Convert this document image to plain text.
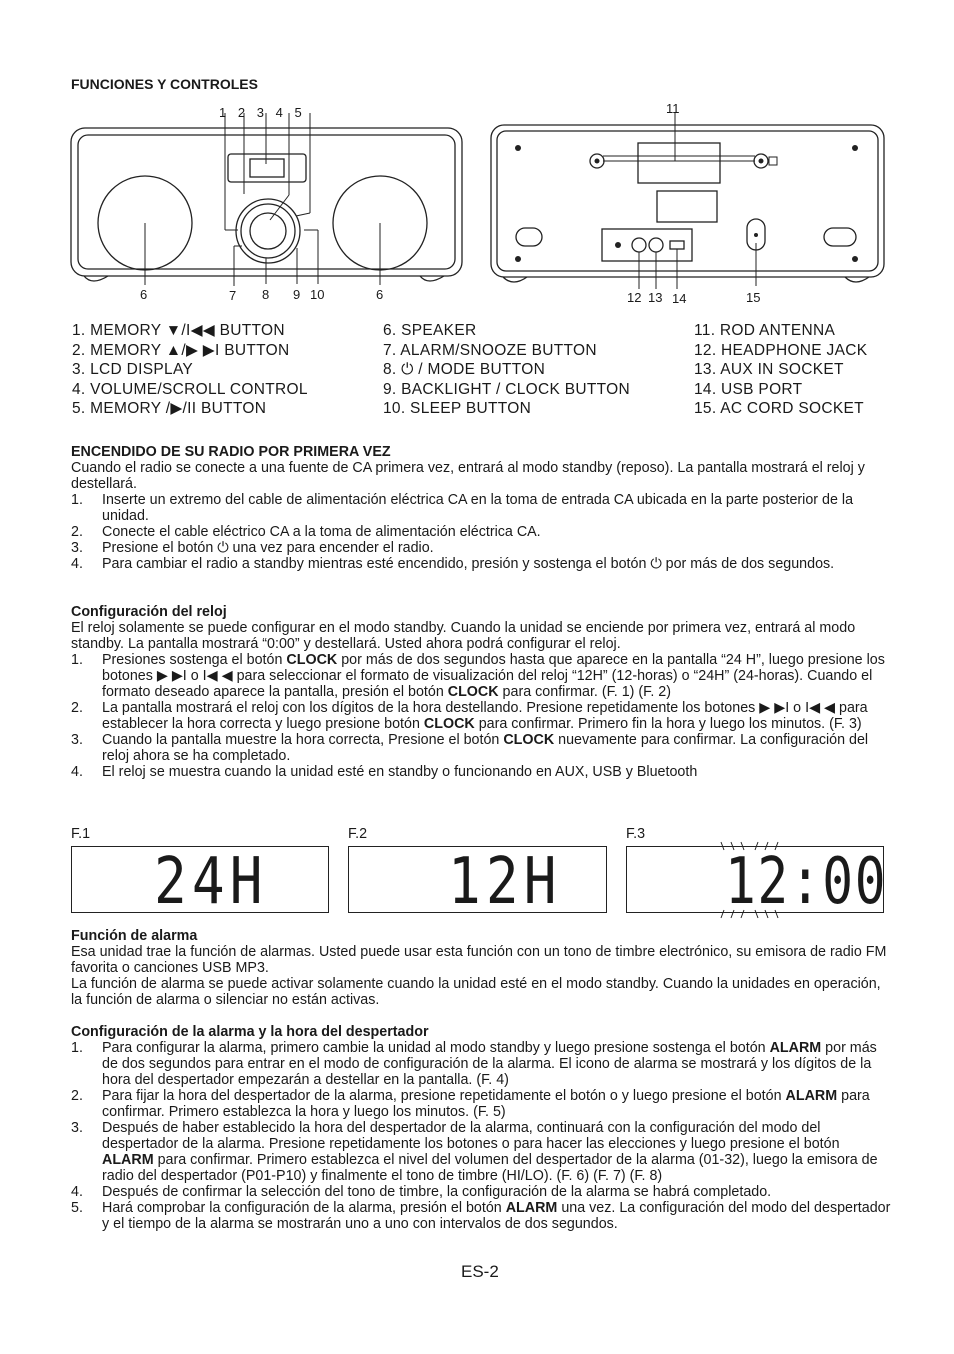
FUNCIONES Y CONTROLES
1 2 3 4 5
6	7 8 9 10	6
11
12 13 14	15
1. MEMORY ▼/I◀◀ BUTTON
2. MEMORY ▲/▶ ▶I BUTTON
3. LCD DISPLAY
4. VOLUME/SCROLL CONTROL
5. MEMORY /▶/II BUTTON
6. SPEAKER
7. ALARM/SNOOZE BUTTON
8. ⏻ / MODE BUTTON
9. BACKLIGHT / CLOCK BUTTON
10. SLEEP BUTTON
11. ROD ANTENNA
12. HEADPHONE JACK
13. AUX IN SOCKET
14. USB PORT
15. AC CORD SOCKET
ENCENDIDO DE SU RADIO POR PRIMERA VEZ
Cuando el radio se conecte a una fuente de CA primera vez, entrará al modo standby (reposo). La pantalla mostrará el reloj y destellará.
1. Inserte un extremo del cable de alimentación eléctrica CA en la toma de entrada CA ubicada en la parte posterior de la unidad.
2. Conecte el cable eléctrico CA a la toma de alimentación eléctrica CA.
3. Presione el botón ⏻ una vez para encender el radio.
4. Para cambiar el radio a standby mientras esté encendido, presión y sostenga el botón ⏻ por más de dos segundos.
Configuración del reloj
El reloj solamente se puede configurar en el modo standby. Cuando la unidad se enciende por primera vez, entrará al modo standby. La pantalla mostrará “0:00” y destellará. Usted ahora podrá configurar el reloj.
1. Presiones sostenga el botón CLOCK por más de dos segundos hasta que aparece en la pantalla “24 H”, luego presione los botones ▶ ▶I o I◀ ◀ para seleccionar el formato de visualización del reloj “12H” (12-horas) o “24H” (24-horas). Cuando el formato deseado aparece la pantalla, presión el botón CLOCK para confirmar. (F. 1) (F. 2)
2. La pantalla mostrará el reloj con los dígitos de la hora destellando. Presione repetidamente los botones ▶ ▶I o I◀ ◀ para establecer la hora correcta y luego presione botón CLOCK para confirmar. Primero fin la hora y luego los minutos. (F. 3)
3. Cuando la pantalla muestre la hora correcta, Presione el botón CLOCK nuevamente para confirmar. La configuración del reloj ahora se ha completado.
4. El reloj se muestra cuando la unidad esté en standby o funcionando en AUX, USB y Bluetooth
F.1
24H
F.2
12H
F.3
12:00
Función de alarma
Esa unidad trae la función de alarmas. Usted puede usar esta función con un tono de timbre electrónico, su emisora de radio FM favorita o canciones USB MP3.
La función de alarma se puede activar solamente cuando la unidad esté en el modo standby. Cuando la unidades en operación, la función de alarma o silenciar no están activas.
Configuración de la alarma y la hora del despertador
1. Para configurar la alarma, primero cambie la unidad al modo standby y luego presione sostenga el botón ALARM por más de dos segundos para entrar en el modo de configuración de la alarma. El icono de alarma se mostrará y los dígitos de la hora del despertador empezarán a destellar en la pantalla. (F. 4)
2. Para fijar la hora del despertador de la alarma, presione repetidamente el botón o y luego presione el botón ALARM para confirmar. Primero establezca la hora y luego los minutos. (F. 5)
3. Después de haber establecido la hora del despertador de la alarma, continuará con la configuración del modo del despertador de la alarma. Presione repetidamente los botones o para hacer las elecciones y luego presione el botón ALARM para confirmar. Primero establezca el nivel del volumen del despertador de la alarma (01-32), luego la emisora de radio del despertador (P01-P10) y finalmente el tono de timbre (HI/LO). (F. 6) (F. 7) (F. 8)
4. Después de confirmar la selección del tono de timbre, la configuración de la alarma se habrá completado.
5. Hará comprobar la configuración de la alarma, presión el botón ALARM una vez. La configuración del modo del despertador y el tiempo de la alarma se mostrarán uno a uno con intervalos de dos segundos.
ES-2
